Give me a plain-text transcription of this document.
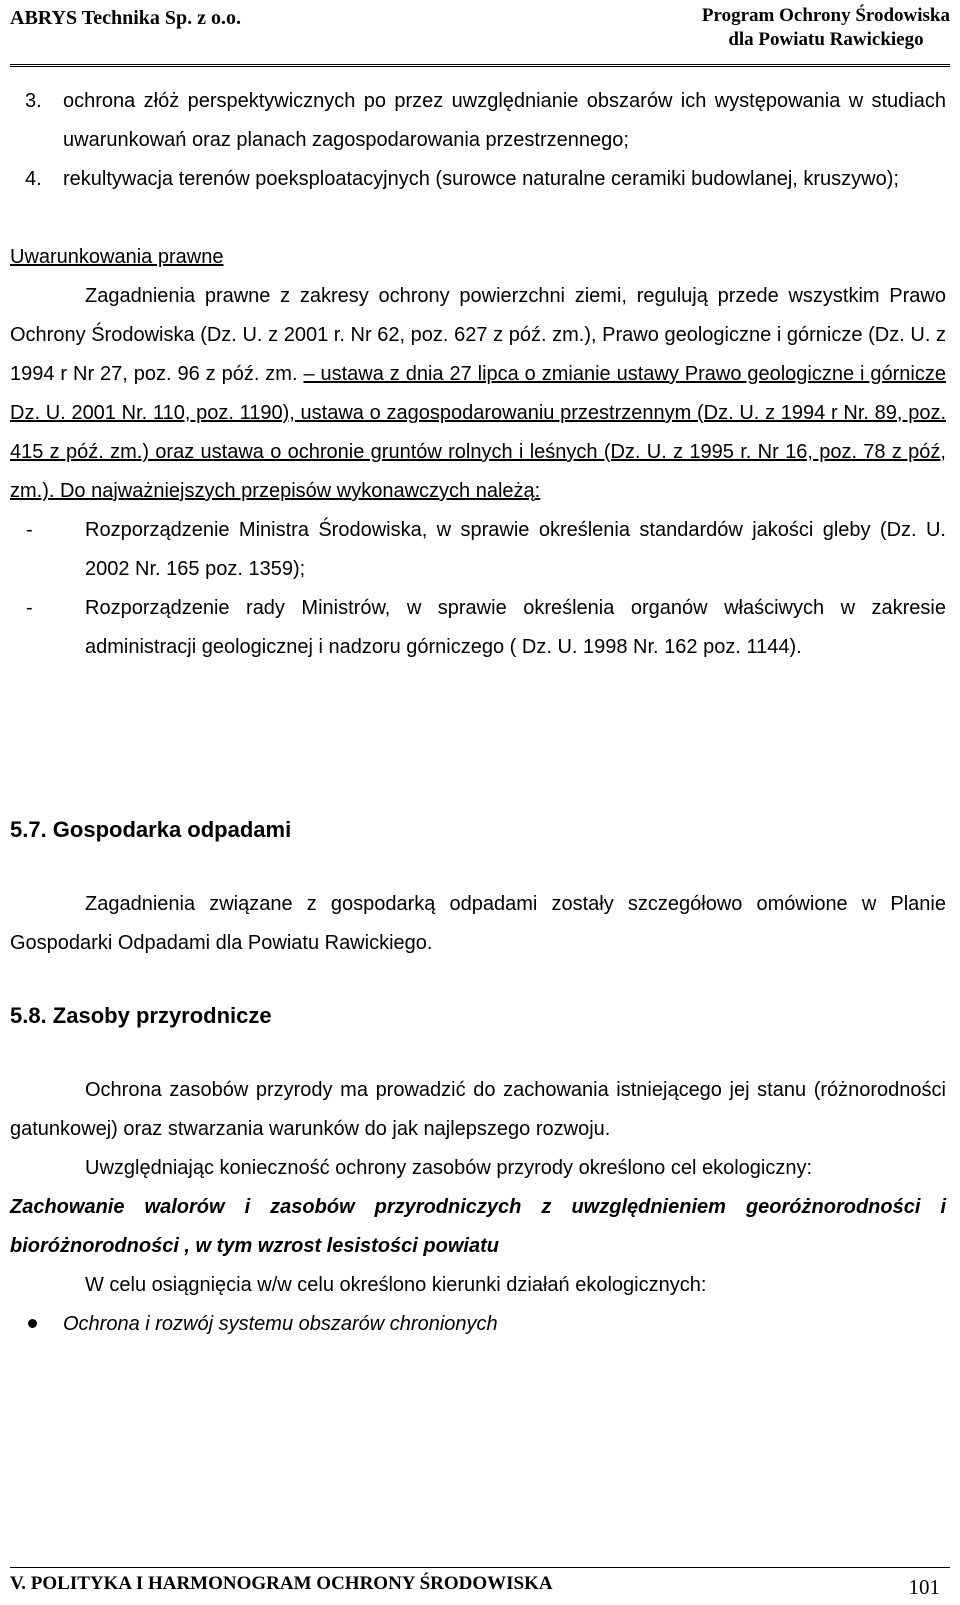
ABRYS Technika Sp. z o.o.	Program Ochrony Środowiska
dla Powiatu Rawickiego
3. ochrona złóż perspektywicznych po przez uwzględnianie obszarów ich występowania w studiach uwarunkowań oraz planach zagospodarowania przestrzennego;
4. rekultywacja terenów poeksploatacyjnych (surowce naturalne ceramiki budowlanej, kruszywo);

Uwarunkowania prawne

Zagadnienia prawne z zakresy ochrony powierzchni ziemi, regulują przede wszystkim Prawo Ochrony Środowiska (Dz. U. z 2001 r. Nr 62, poz. 627 z póź. zm.), Prawo geologiczne i górnicze (Dz. U. z 1994 r Nr 27, poz. 96 z póź. zm. – ustawa z dnia 27 lipca o zmianie ustawy Prawo geologiczne i górnicze Dz. U. 2001 Nr. 110, poz. 1190), ustawa o zagospodarowaniu przestrzennym (Dz. U. z 1994 r Nr. 89, poz. 415 z póź. zm.) oraz ustawa o ochronie gruntów rolnych i leśnych (Dz. U. z 1995 r. Nr 16, poz. 78 z póź, zm.). Do najważniejszych przepisów wykonawczych należą:

-	Rozporządzenie Ministra Środowiska, w sprawie określenia standardów jakości gleby (Dz. U. 2002 Nr. 165 poz. 1359);
-	Rozporządzenie rady Ministrów, w sprawie określenia organów właściwych w zakresie administracji geologicznej i nadzoru górniczego ( Dz. U. 1998 Nr. 162 poz. 1144).

5.7. Gospodarka odpadami

Zagadnienia związane z gospodarką odpadami zostały szczegółowo omówione w Planie Gospodarki Odpadami dla Powiatu Rawickiego.

5.8. Zasoby przyrodnicze

Ochrona zasobów przyrody ma prowadzić do zachowania istniejącego jej stanu (różnorodności gatunkowej) oraz stwarzania warunków do jak najlepszego rozwoju.

Uwzględniając konieczność ochrony zasobów przyrody określono cel ekologiczny:

Zachowanie walorów i zasobów przyrodniczych z uwzględnieniem georóżnorodności i bioróżnorodności , w tym wzrost lesistości powiatu

W celu osiągnięcia w/w celu określono kierunki działań ekologicznych:

Ochrona i rozwój systemu obszarów chronionych
V. POLITYKA I HARMONOGRAM OCHRONY ŚRODOWISKA	101
